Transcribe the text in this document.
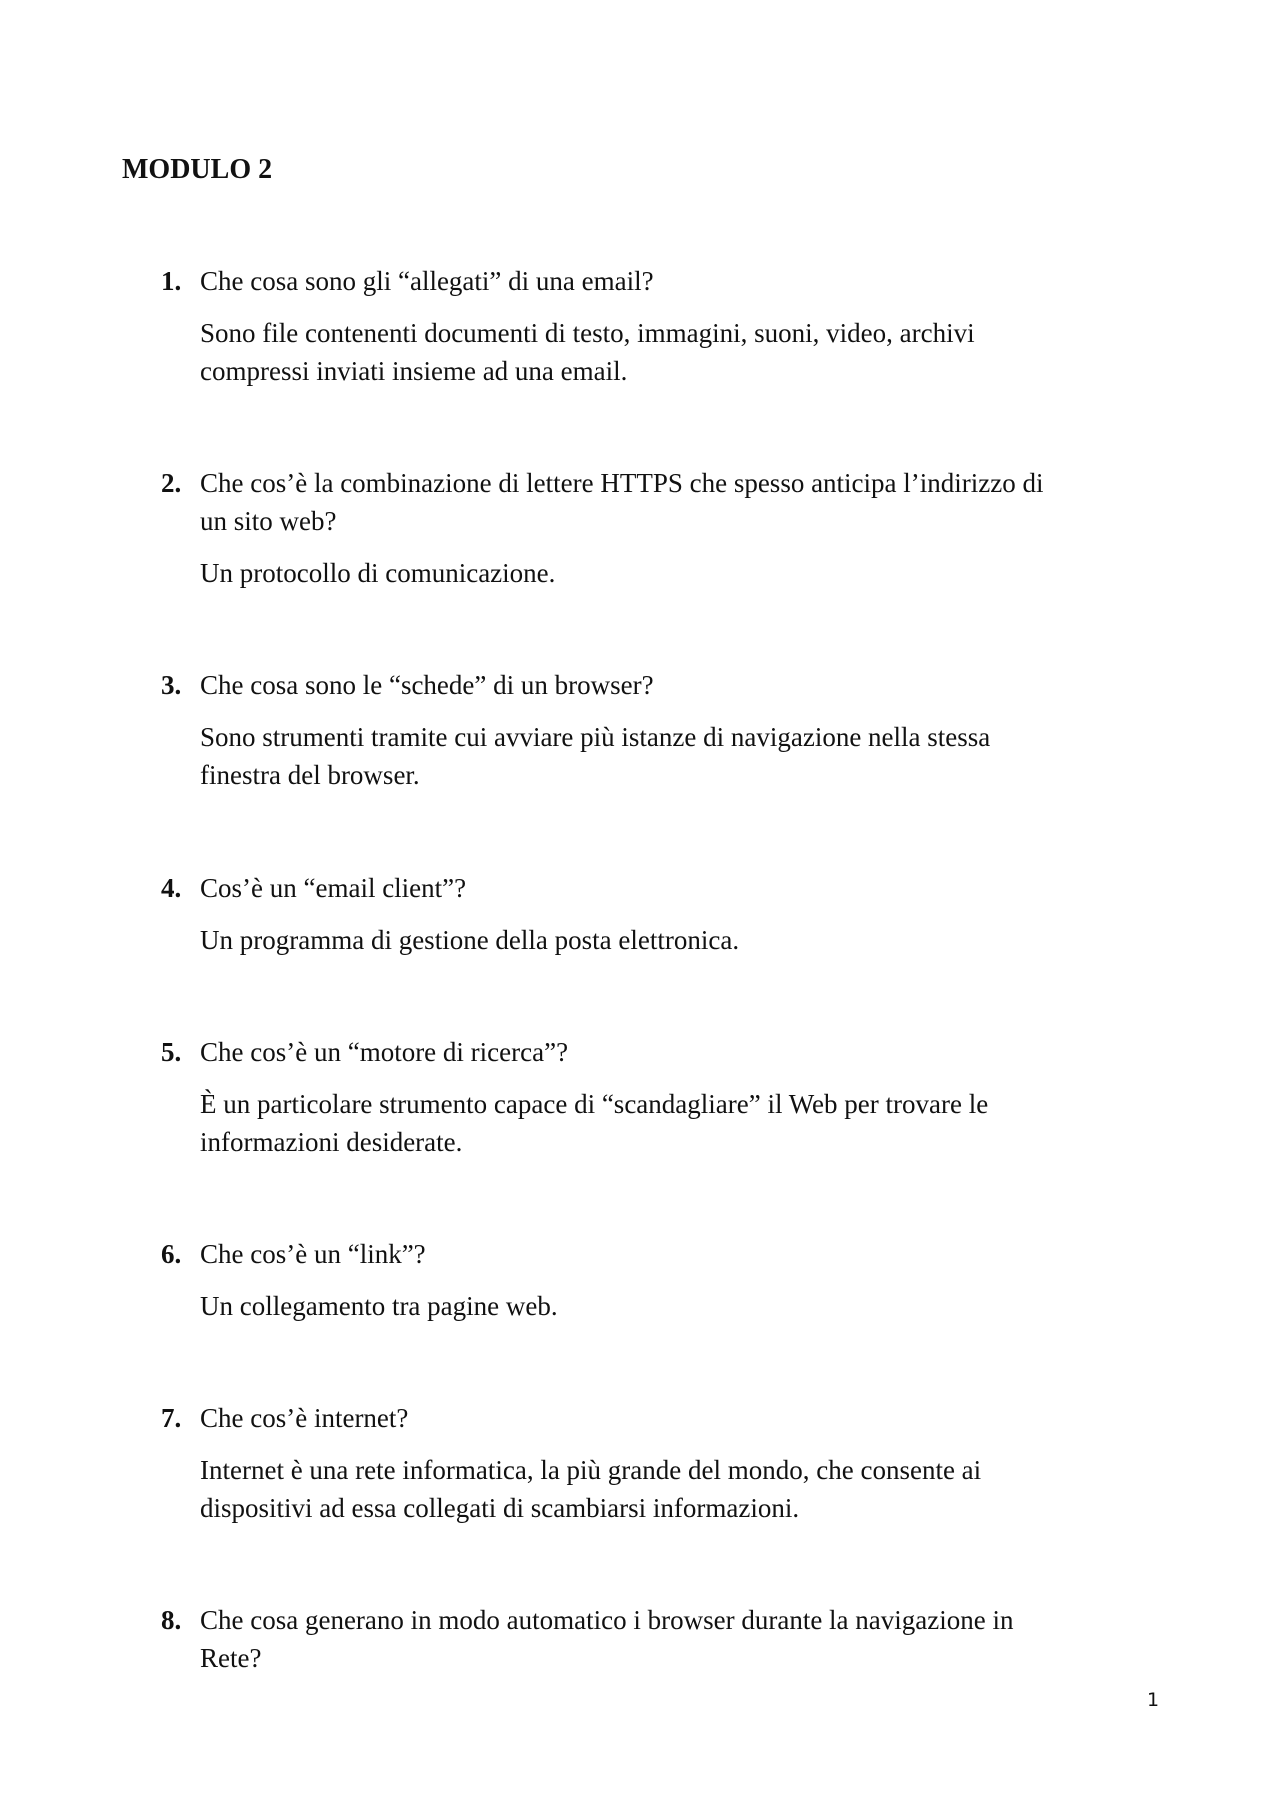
MODULO 2

1. Che cosa sono gli “allegati” di una email?

Sono file contenenti documenti di testo, immagini, suoni, video, archivi
compressi inviati insieme ad una email.

2. Che cos’è la combinazione di lettere HTTPS che spesso anticipa l’indirizzo di
un sito web?

Un protocollo di comunicazione.

3. Che cosa sono le “schede” di un browser?

Sono strumenti tramite cui avviare più istanze di navigazione nella stessa
finestra del browser.

4. Cos’è un “email client”?

Un programma di gestione della posta elettronica.

5. Che cos’è un “motore di ricerca”?

È un particolare strumento capace di “scandagliare” il Web per trovare le
informazioni desiderate.

6. Che cos’è un “link”?

Un collegamento tra pagine web.

7. Che cos’è internet?

Internet è una rete informatica, la più grande del mondo, che consente ai
dispositivi ad essa collegati di scambiarsi informazioni.

8. Che cosa generano in modo automatico i browser durante la navigazione in
Rete?

1
